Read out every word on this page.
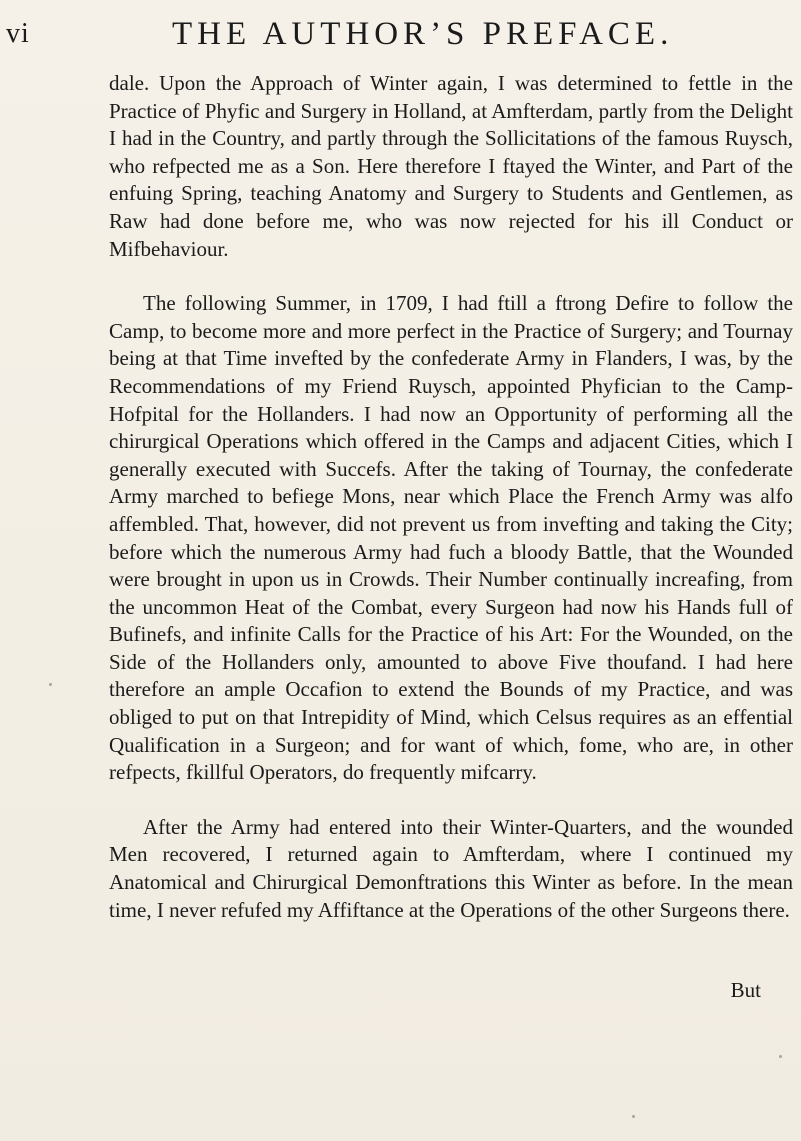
vi	THE AUTHOR’S PREFACE.

dale. Upon the Approach of Winter again, I was determined to fettle in the Practice of Phyfic and Surgery in Holland, at Amfterdam, partly from the Delight I had in the Country, and partly through the Sollicitations of the famous Ruysch, who refpected me as a Son. Here therefore I ftayed the Winter, and Part of the enfuing Spring, teaching Anatomy and Surgery to Students and Gentlemen, as Raw had done before me, who was now rejected for his ill Conduct or Mifbehaviour.

The following Summer, in 1709, I had ftill a ftrong Defire to follow the Camp, to become more and more perfect in the Practice of Surgery; and Tournay being at that Time invefted by the confederate Army in Flanders, I was, by the Recommendations of my Friend Ruysch, appointed Phyfician to the Camp-Hofpital for the Hollanders. I had now an Opportunity of performing all the chirurgical Operations which offered in the Camps and adjacent Cities, which I generally executed with Succefs. After the taking of Tournay, the confederate Army marched to befiege Mons, near which Place the French Army was alfo affembled. That, however, did not prevent us from invefting and taking the City; before which the numerous Army had fuch a bloody Battle, that the Wounded were brought in upon us in Crowds. Their Number continually increafing, from the uncommon Heat of the Combat, every Surgeon had now his Hands full of Bufinefs, and infinite Calls for the Practice of his Art: For the Wounded, on the Side of the Hollanders only, amounted to above Five thoufand. I had here therefore an ample Occafion to extend the Bounds of my Practice, and was obliged to put on that Intrepidity of Mind, which Celsus requires as an effential Qualification in a Surgeon; and for want of which, fome, who are, in other refpects, fkillful Operators, do frequently mifcarry.

After the Army had entered into their Winter-Quarters, and the wounded Men recovered, I returned again to Amfterdam, where I continued my Anatomical and Chirurgical Demonftrations this Winter as before. In the mean time, I never refufed my Affiftance at the Operations of the other Surgeons there.

But
